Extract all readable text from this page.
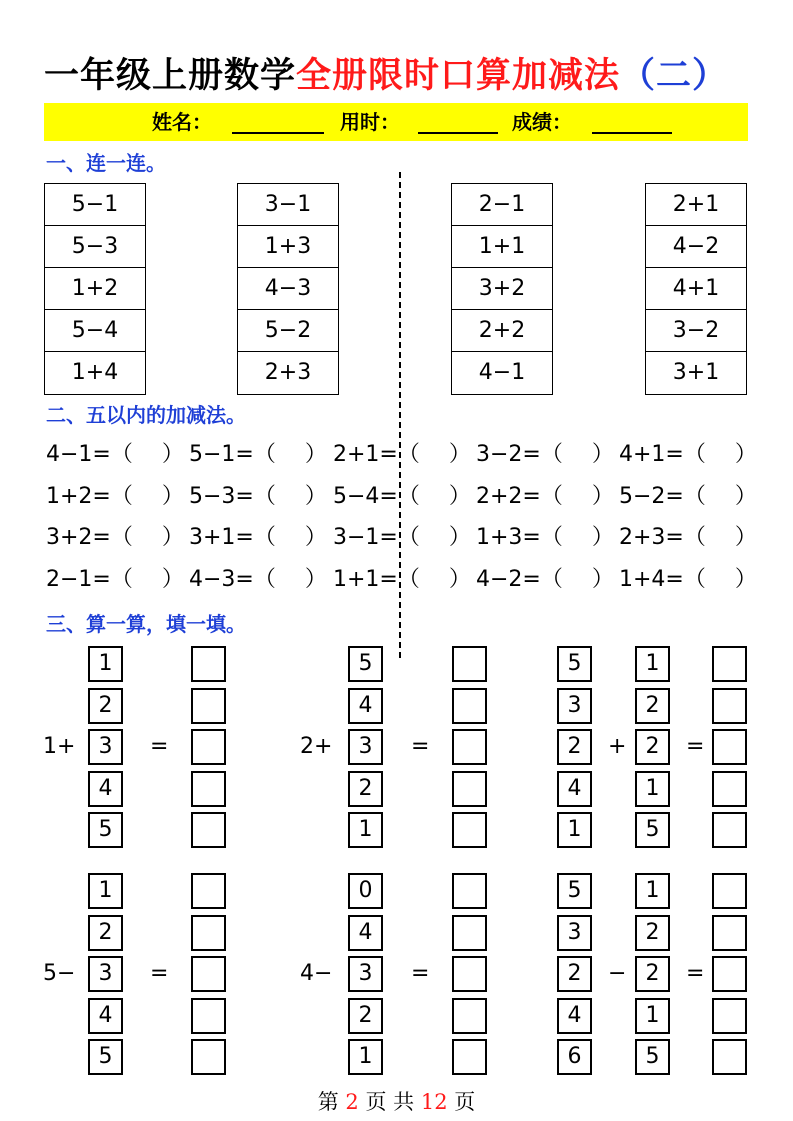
一年级上册数学全册限时口算加减法（二）
姓名：	用时：	成绩：
一、连一连。
5−1
5−3
1+2
5−4
1+4
3−1
1+3
4−3
5−2
2+3
2−1
1+1
3+2
2+2
4−1
2+1
4−2
4+1
3−2
3+1
二、五以内的加减法。
4−1=（　 ） 5−1=（　 ） 2+1=（　 ） 3−2=（　 ） 4+1=（　 ）
1+2=（　 ） 5−3=（　 ） 5−4=（　 ） 2+2=（　 ） 5−2=（　 ）
3+2=（　 ） 3+1=（　 ） 3−1=（　 ） 1+3=（　 ） 2+3=（　 ）
2−1=（　 ） 4−3=（　 ） 1+1=（　 ） 4−2=（　 ） 1+4=（　 ）
三、算一算，填一填。
1+
1
2
3
4
5
=	2+
5
4
3
2
1
=
5
3
2
4
1
+
1
2
2
1
5
=
5−
1
2
3
4
5
=	4−
0
4
3
2
1
=
5
3
2
4
6
−
1
2
2
1
5
=
第 2 页 共 12 页
